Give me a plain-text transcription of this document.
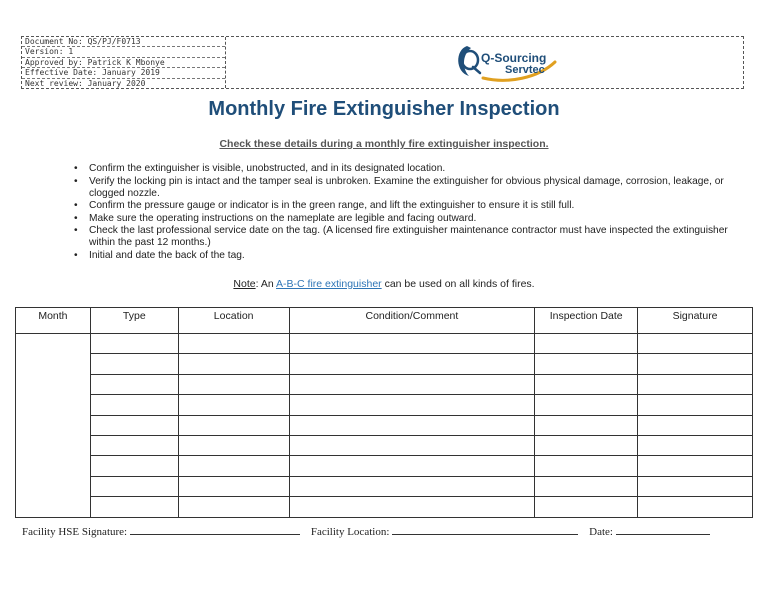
Document No: QS/PJ/F0713
Version: 1
Approved by: Patrick K Mbonye
Effective Date: January 2019
Next review: January 2020
Q-Sourcing
Servtec
Monthly Fire Extinguisher Inspection
Check these details during a monthly fire extinguisher inspection.
• Confirm the extinguisher is visible, unobstructed, and in its designated location.
• Verify the locking pin is intact and the tamper seal is unbroken. Examine the extinguisher for obvious physical damage, corrosion, leakage, or clogged nozzle.
• Confirm the pressure gauge or indicator is in the green range, and lift the extinguisher to ensure it is still full.
• Make sure the operating instructions on the nameplate are legible and facing outward.
• Check the last professional service date on the tag. (A licensed fire extinguisher maintenance contractor must have inspected the extinguisher within the past 12 months.)
• Initial and date the back of the tag.
Note: An A-B-C fire extinguisher can be used on all kinds of fires.
Month	Type	Location	Condition/Comment	Inspection Date	Signature

Facility HSE Signature:	Facility Location:	Date:
